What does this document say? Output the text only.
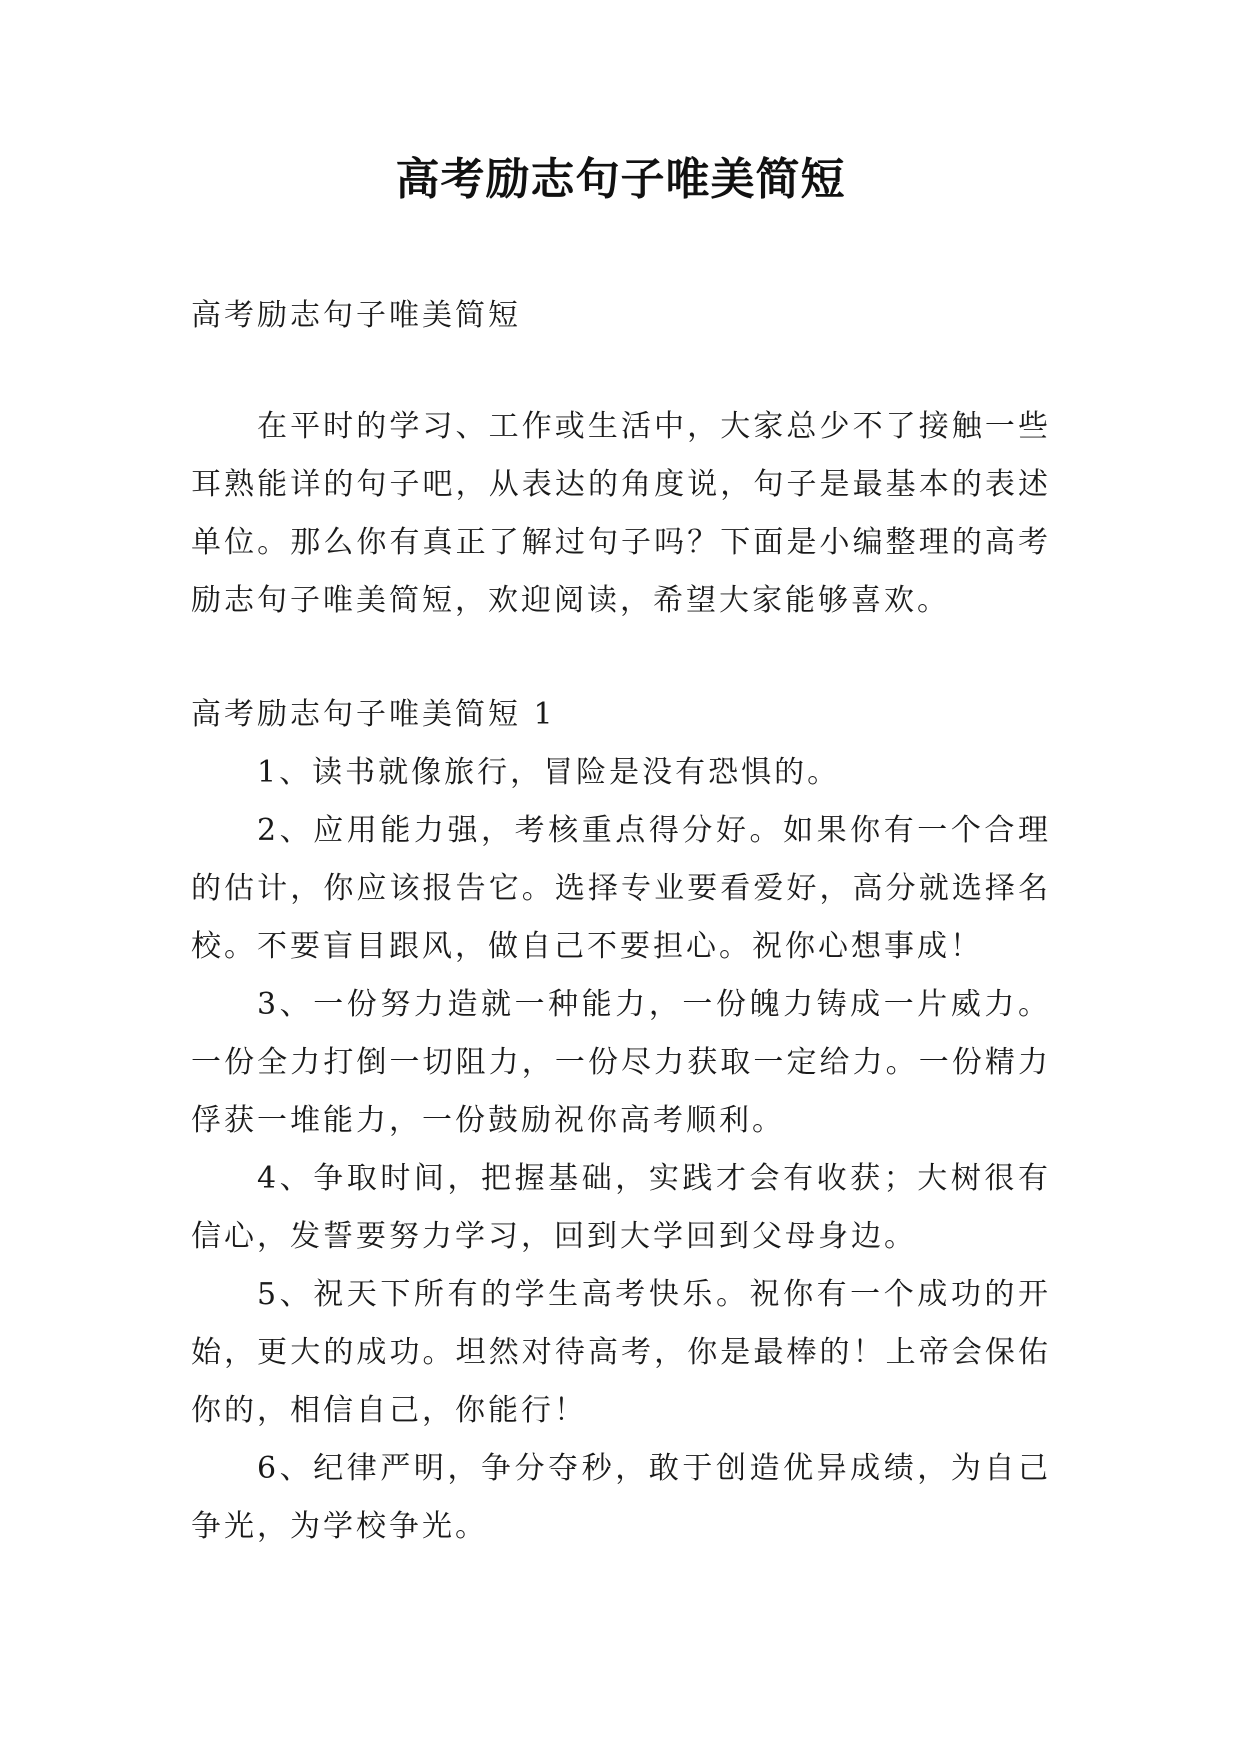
高考励志句子唯美简短

高考励志句子唯美简短

在平时的学习、工作或生活中，大家总少不了接触一些耳熟能详的句子吧，从表达的角度说，句子是最基本的表述单位。那么你有真正了解过句子吗？下面是小编整理的高考励志句子唯美简短，欢迎阅读，希望大家能够喜欢。

高考励志句子唯美简短 1

1、读书就像旅行，冒险是没有恐惧的。

2、应用能力强，考核重点得分好。如果你有一个合理的估计，你应该报告它。选择专业要看爱好，高分就选择名校。不要盲目跟风，做自己不要担心。祝你心想事成！

3、一份努力造就一种能力，一份魄力铸成一片威力。一份全力打倒一切阻力，一份尽力获取一定给力。一份精力俘获一堆能力，一份鼓励祝你高考顺利。

4、争取时间，把握基础，实践才会有收获；大树很有信心，发誓要努力学习，回到大学回到父母身边。

5、祝天下所有的学生高考快乐。祝你有一个成功的开始，更大的成功。坦然对待高考，你是最棒的！上帝会保佑你的，相信自己，你能行！

6、纪律严明，争分夺秒，敢于创造优异成绩，为自己争光，为学校争光。
